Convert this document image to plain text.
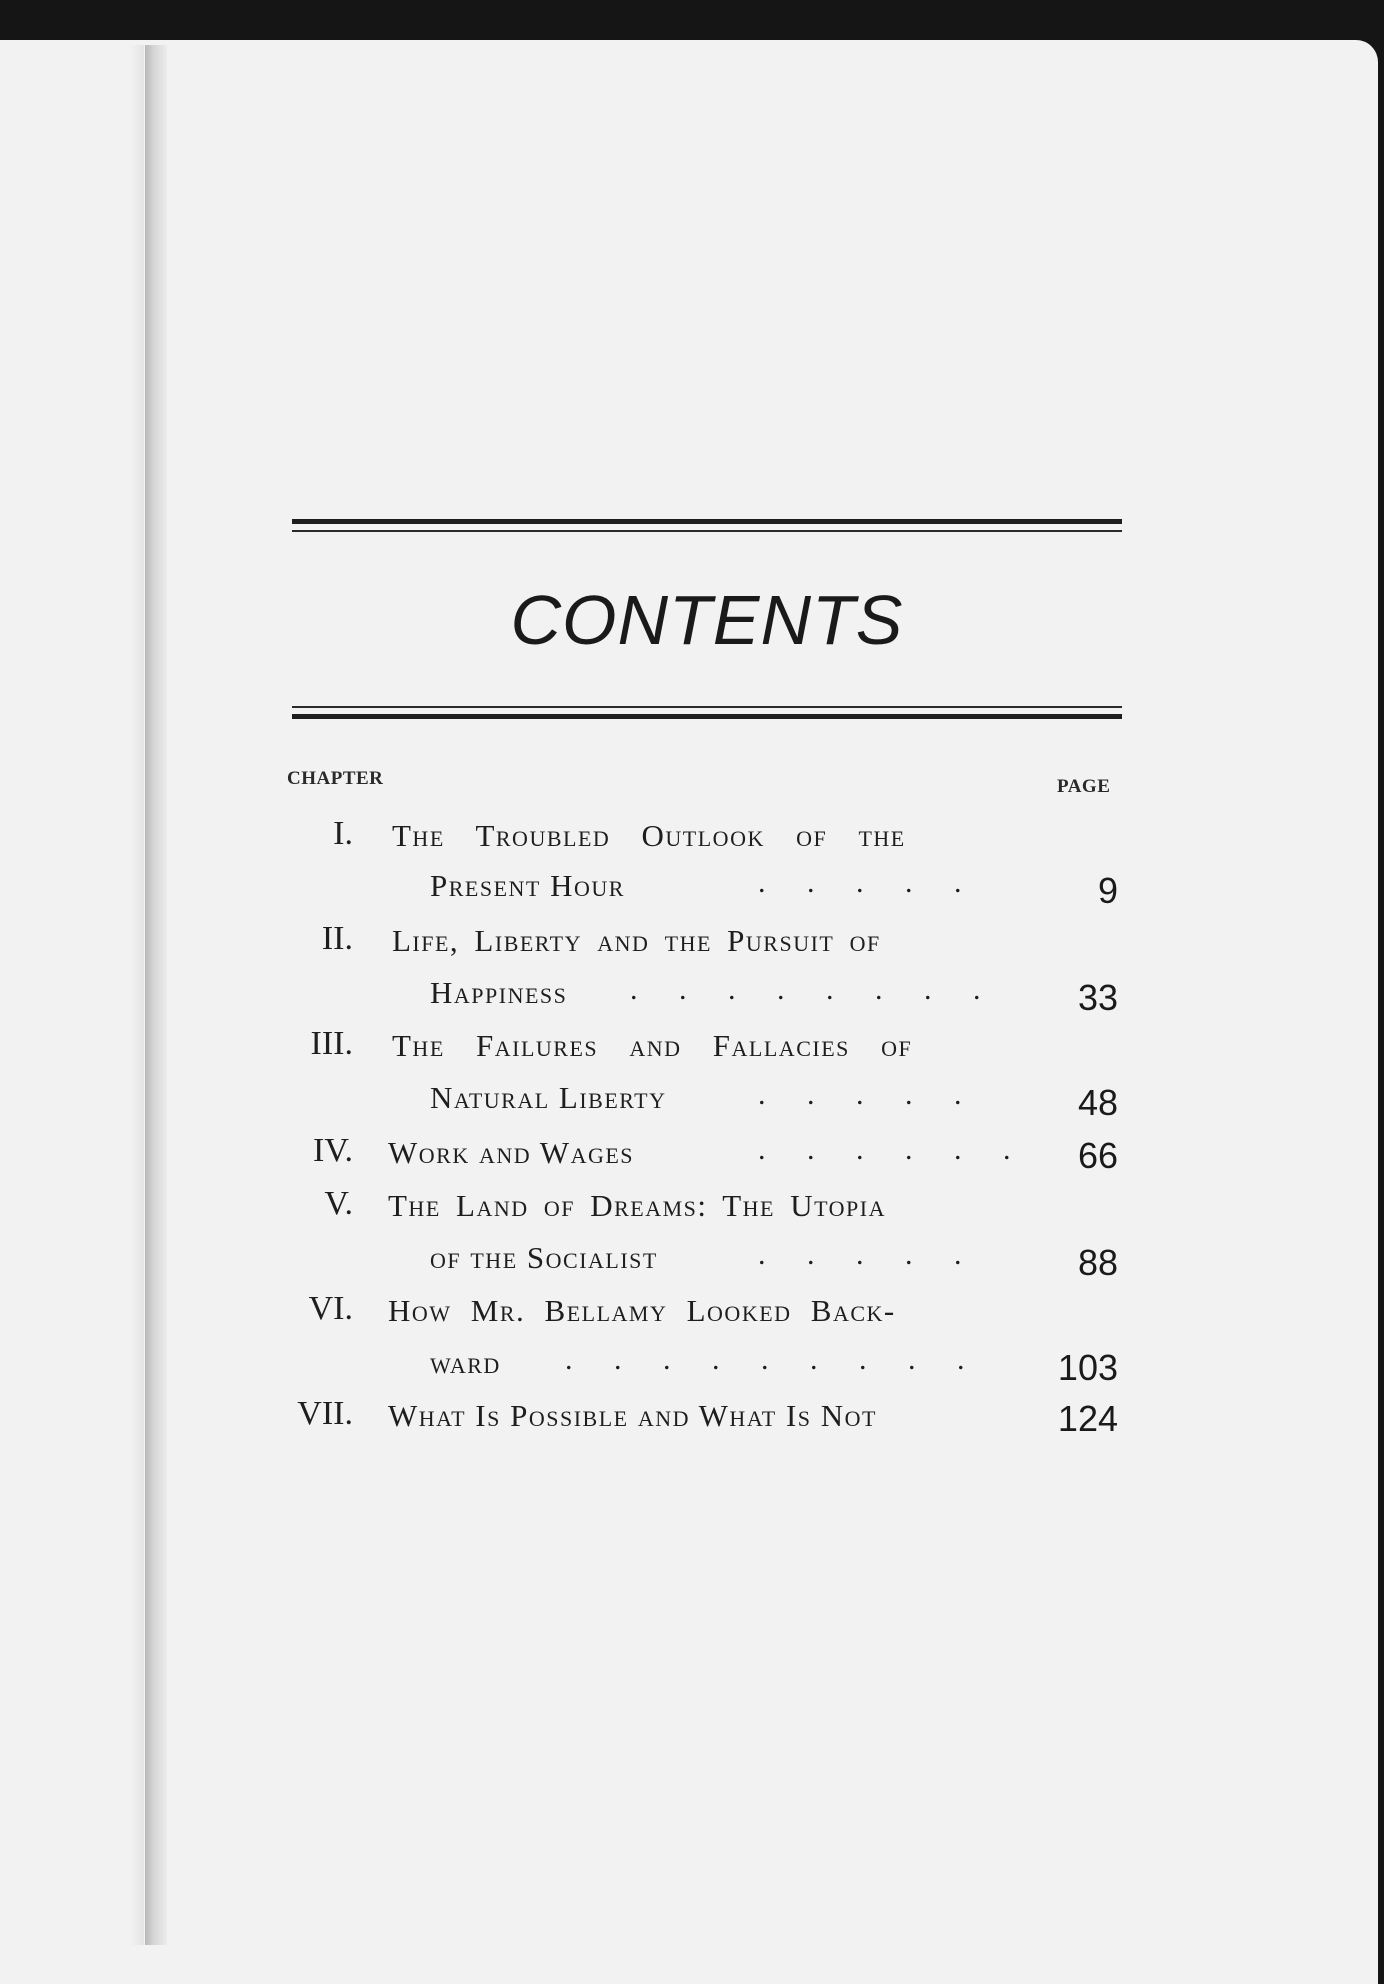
CONTENTS
CHAPTER	PAGE
I. The Troubled Outlook of the
Present Hour	. . . . .	9
II. Life, Liberty and the Pursuit of
Happiness . . . . . . . .	33
III. The Failures and Fallacies of
Natural Liberty	. . . . .	48
IV. Work and Wages	. . . . . .	66
V. The Land of Dreams: The Utopia
of the Socialist	. . . . .	88
VI. How Mr. Bellamy Looked Back-
ward . . . . . . . . . 103
VII. What Is Possible and What Is Not	124
